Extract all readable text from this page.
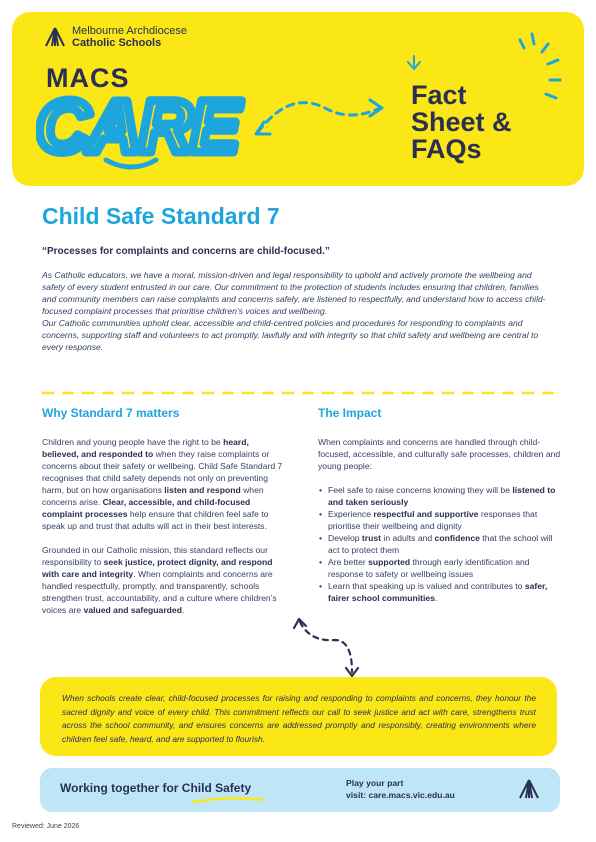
Melbourne Archdiocese
Catholic Schools
MACS
CARE	Fact
Sheet &
FAQs
Child Safe Standard 7
“Processes for complaints and concerns are child-focused.”

As Catholic educators, we have a moral, mission-driven and legal responsibility to uphold and actively promote the wellbeing and safety of every student entrusted in our care. Our commitment to the protection of students includes ensuring that children, families and community members can raise complaints and concerns safely, are listened to respectfully, and understand how to access child-focused complaint processes that prioritise children’s voices and wellbeing.

Our Catholic communities uphold clear, accessible and child-centred policies and procedures for responding to complaints and concerns, supporting staff and volunteers to act promptly, lawfully and with integrity so that child safety and wellbeing are central to every response.

Why Standard 7 matters

Children and young people have the right to be heard, believed, and responded to when they raise complaints or concerns about their safety or wellbeing. Child Safe Standard 7 recognises that child safety depends not only on preventing harm, but on how organisations listen and respond when concerns arise. Clear, accessible, and child-focused complaint processes help ensure that children feel safe to speak up and trust that adults will act in their best interests.

Grounded in our Catholic mission, this standard reflects our responsibility to seek justice, protect dignity, and respond with care and integrity. When complaints and concerns are handled respectfully, promptly, and transparently, schools strengthen trust, accountability, and a culture where children’s voices are valued and safeguarded.

The Impact

When complaints and concerns are handled through child-focused, accessible, and culturally safe processes, children and young people:

• Feel safe to raise concerns knowing they will be listened to and taken seriously
• Experience respectful and supportive responses that prioritise their wellbeing and dignity
• Develop trust in adults and confidence that the school will act to protect them
• Are better supported through early identification and response to safety or wellbeing issues
• Learn that speaking up is valued and contributes to safer, fairer school communities.
When schools create clear, child-focused processes for raising and responding to complaints and concerns, they honour the sacred dignity and voice of every child. This commitment reflects our call to seek justice and act with care, strengthens trust across the school community, and ensures concerns are addressed promptly and responsibly, creating environments where children feel safe, heard, and are supported to flourish.
Working together for Child Safety	Play your part
visit: care.macs.vic.edu.au
Reviewed: June 2026
